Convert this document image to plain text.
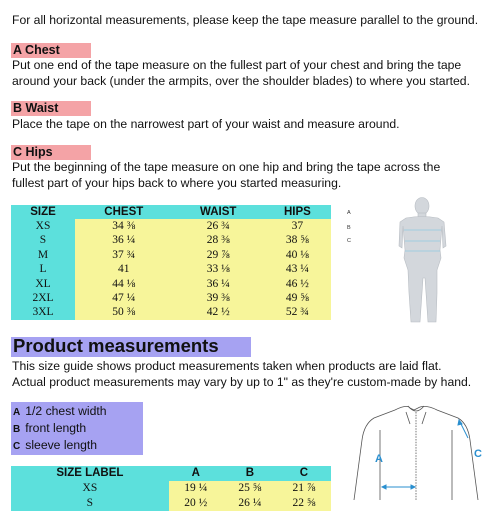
For all horizontal measurements, please keep the tape measure parallel to the ground.
A Chest
Put one end of the tape measure on the fullest part of your chest and bring the tape
around your back (under the armpits, over the shoulder blades) to where you started.
B Waist
Place the tape on the narrowest part of your waist and measure around.
C Hips
Put the beginning of the tape measure on one hip and bring the tape across the
fullest part of your hips back to where you started measuring.
SIZE	CHEST	WAIST	HIPS
XS	34 ⅜	26 ¾	37
S	36 ¼	28 ⅜	38 ⅝
M	37 ¾	29 ⅞	40 ⅛
L	41	33 ⅛	43 ¼
XL	44 ⅛	36 ¼	46 ½
2XL	47 ¼	39 ⅜	49 ⅝
3XL	50 ⅜	42 ½	52 ¾
A
B
C
Product measurements
This size guide shows product measurements taken when products are laid flat.
Actual product measurements may vary by up to 1" as they're custom-made by hand.
A 1/2 chest width
B front length
C sleeve length
SIZE LABEL	A	B	C
XS	19 ¼	25 ⅝	21 ⅞
S	20 ½	26 ¼	22 ⅝
A	C
